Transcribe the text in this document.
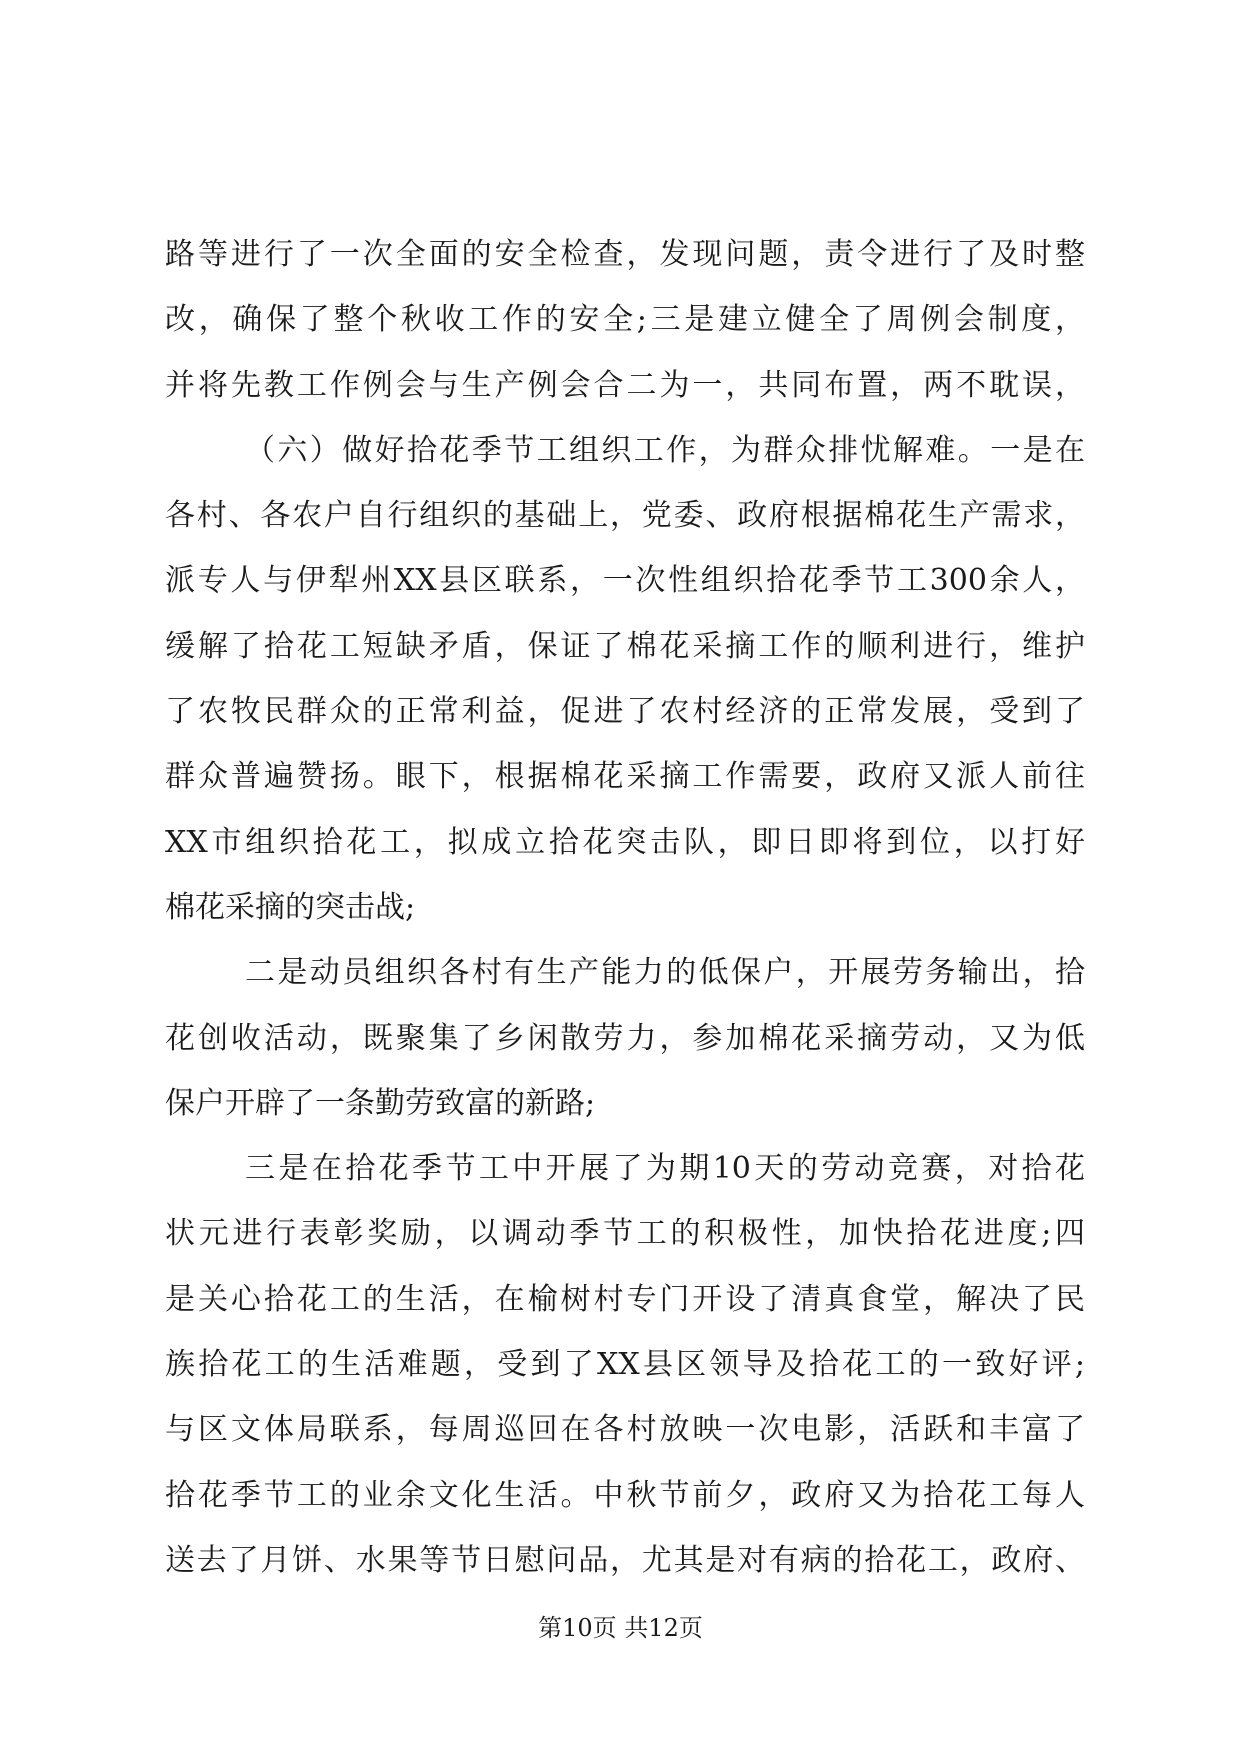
路等进行了一次全面的安全检查，发现问题，责令进行了及时整
改，确保了整个秋收工作的安全;三是建立健全了周例会制度，
并将先教工作例会与生产例会合二为一，共同布置，两不耽误，
（六）做好拾花季节工组织工作，为群众排忧解难。一是在
各村、各农户自行组织的基础上，党委、政府根据棉花生产需求，
派专人与伊犁州XX县区联系，一次性组织拾花季节工300余人，
缓解了拾花工短缺矛盾，保证了棉花采摘工作的顺利进行，维护
了农牧民群众的正常利益，促进了农村经济的正常发展，受到了
群众普遍赞扬。眼下，根据棉花采摘工作需要，政府又派人前往
XX市组织拾花工，拟成立拾花突击队，即日即将到位，以打好
棉花采摘的突击战;
二是动员组织各村有生产能力的低保户，开展劳务输出，拾
花创收活动，既聚集了乡闲散劳力，参加棉花采摘劳动，又为低
保户开辟了一条勤劳致富的新路;
三是在拾花季节工中开展了为期10天的劳动竞赛，对拾花
状元进行表彰奖励，以调动季节工的积极性，加快拾花进度;四
是关心拾花工的生活，在榆树村专门开设了清真食堂，解决了民
族拾花工的生活难题，受到了XX县区领导及拾花工的一致好评;
与区文体局联系，每周巡回在各村放映一次电影，活跃和丰富了
拾花季节工的业余文化生活。中秋节前夕，政府又为拾花工每人
送去了月饼、水果等节日慰问品，尤其是对有病的拾花工，政府、
第10页 共12页
